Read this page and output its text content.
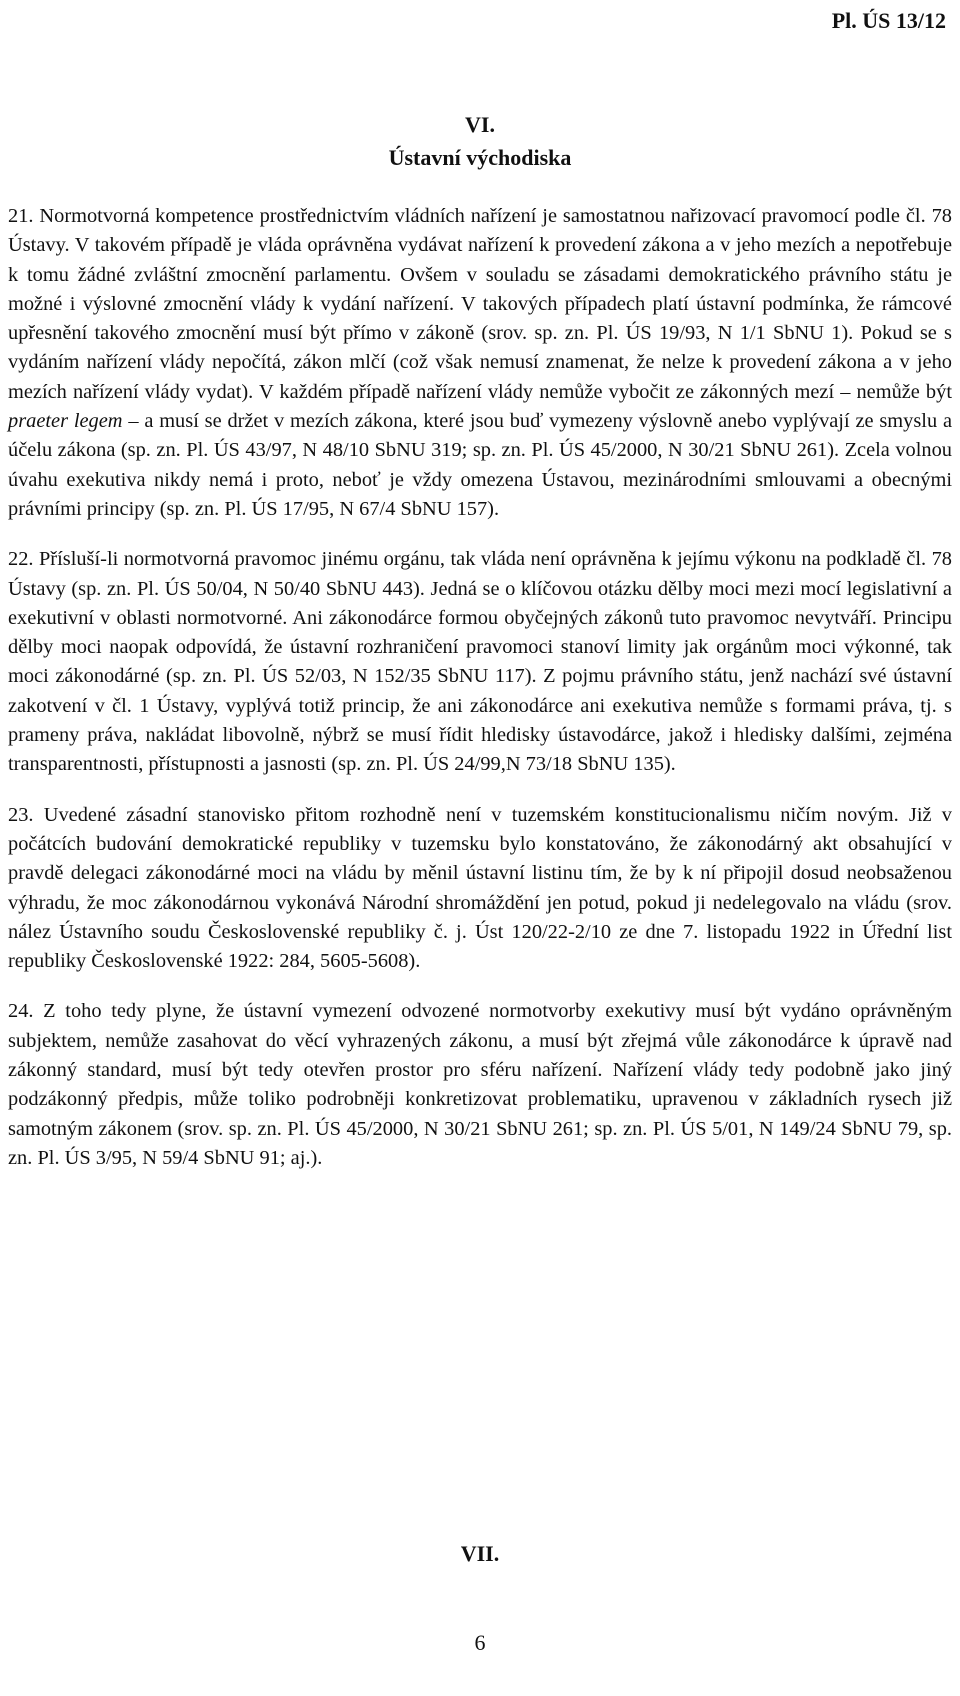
Pl. ÚS 13/12
VI.
Ústavní východiska

21. Normotvorná kompetence prostřednictvím vládních nařízení je samostatnou nařizovací pravomocí podle čl. 78 Ústavy. V takovém případě je vláda oprávněna vydávat nařízení k provedení zákona a v jeho mezích a nepotřebuje k tomu žádné zvláštní zmocnění parlamentu. Ovšem v souladu se zásadami demokratického právního státu je možné i výslovné zmocnění vlády k vydání nařízení. V takových případech platí ústavní podmínka, že rámcové upřesnění takového zmocnění musí být přímo v zákoně (srov. sp. zn. Pl. ÚS 19/93, N 1/1 SbNU 1). Pokud se s vydáním nařízení vlády nepočítá, zákon mlčí (což však nemusí znamenat, že nelze k provedení zákona a v jeho mezích nařízení vlády vydat). V každém případě nařízení vlády nemůže vybočit ze zákonných mezí – nemůže být praeter legem – a musí se držet v mezích zákona, které jsou buď vymezeny výslovně anebo vyplývají ze smyslu a účelu zákona (sp. zn. Pl. ÚS 43/97, N 48/10 SbNU 319; sp. zn. Pl. ÚS 45/2000, N 30/21 SbNU 261). Zcela volnou úvahu exekutiva nikdy nemá i proto, neboť je vždy omezena Ústavou, mezinárodními smlouvami a obecnými právními principy (sp. zn. Pl. ÚS 17/95, N 67/4 SbNU 157).

22. Přísluší-li normotvorná pravomoc jinému orgánu, tak vláda není oprávněna k jejímu výkonu na podkladě čl. 78 Ústavy (sp. zn. Pl. ÚS 50/04, N 50/40 SbNU 443). Jedná se o klíčovou otázku dělby moci mezi mocí legislativní a exekutivní v oblasti normotvorné. Ani zákonodárce formou obyčejných zákonů tuto pravomoc nevytváří. Principu dělby moci naopak odpovídá, že ústavní rozhraničení pravomoci stanoví limity jak orgánům moci výkonné, tak moci zákonodárné (sp. zn. Pl. ÚS 52/03, N 152/35 SbNU 117). Z pojmu právního státu, jenž nachází své ústavní zakotvení v čl. 1 Ústavy, vyplývá totiž princip, že ani zákonodárce ani exekutiva nemůže s formami práva, tj. s prameny práva, nakládat libovolně, nýbrž se musí řídit hledisky ústavodárce, jakož i hledisky dalšími, zejména transparentnosti, přístupnosti a jasnosti (sp. zn. Pl. ÚS 24/99,N 73/18 SbNU 135).

23. Uvedené zásadní stanovisko přitom rozhodně není v tuzemském konstitucionalismu ničím novým. Již v počátcích budování demokratické republiky v tuzemsku bylo konstatováno, že zákonodárný akt obsahující v pravdě delegaci zákonodárné moci na vládu by měnil ústavní listinu tím, že by k ní připojil dosud neobsaženou výhradu, že moc zákonodárnou vykonává Národní shromáždění jen potud, pokud ji nedelegovalo na vládu (srov. nález Ústavního soudu Československé republiky č. j. Úst 120/22-2/10 ze dne 7. listopadu 1922 in Úřední list republiky Československé 1922: 284, 5605-5608).

24. Z toho tedy plyne, že ústavní vymezení odvozené normotvorby exekutivy musí být vydáno oprávněným subjektem, nemůže zasahovat do věcí vyhrazených zákonu, a musí být zřejmá vůle zákonodárce k úpravě nad zákonný standard, musí být tedy otevřen prostor pro sféru nařízení. Nařízení vlády tedy podobně jako jiný podzákonný předpis, může toliko podrobněji konkretizovat problematiku, upravenou v základních rysech již samotným zákonem (srov. sp. zn. Pl. ÚS 45/2000, N 30/21 SbNU 261; sp. zn. Pl. ÚS 5/01, N 149/24 SbNU 79, sp. zn. Pl. ÚS 3/95, N 59/4 SbNU 91; aj.).

VII.
6
